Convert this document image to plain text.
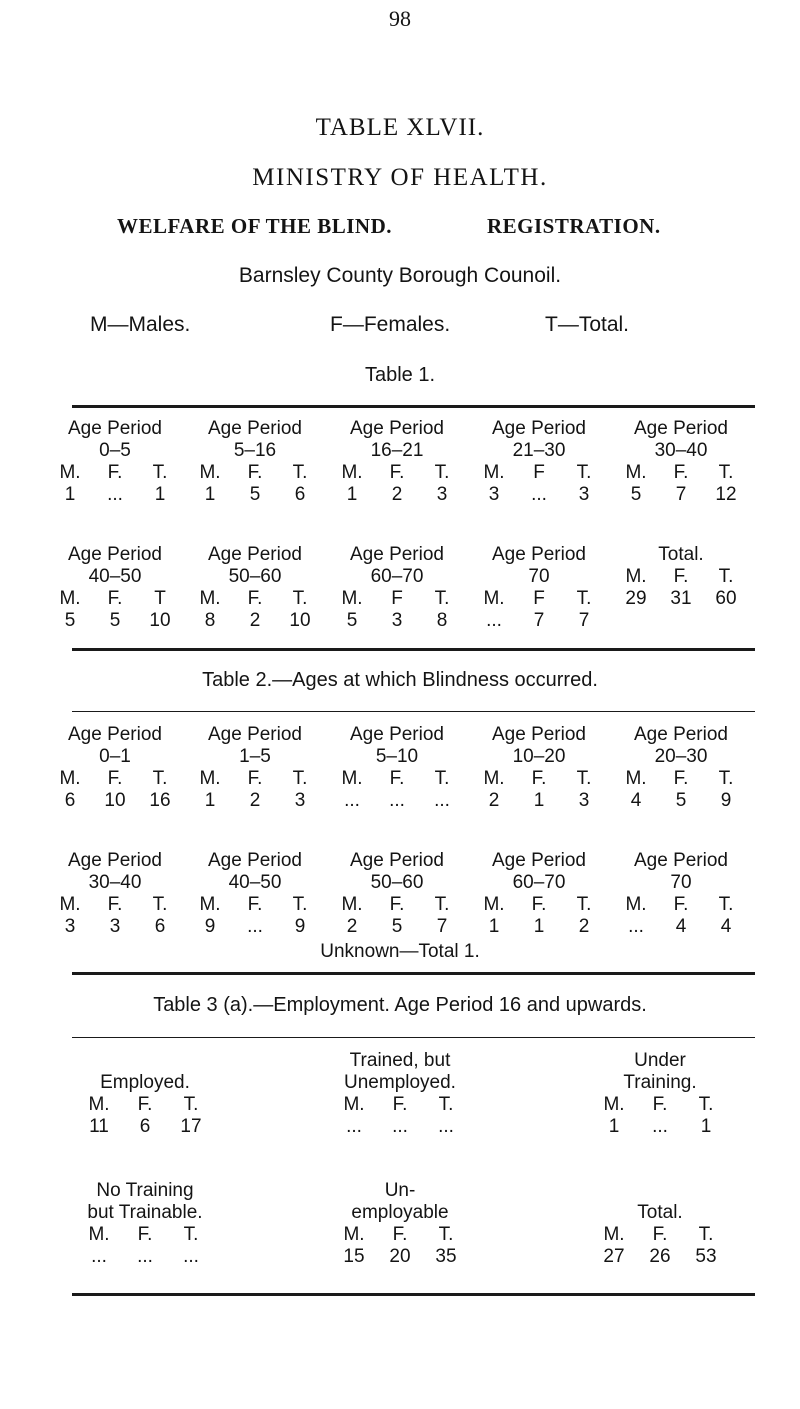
98
TABLE XLVII.
MINISTRY OF HEALTH.
WELFARE OF THE BLIND.	REGISTRATION.
Barnsley County Borough Counoil.
M—Males.	F—Females.	T—Total.
Table 1.
Age Period
0–5
M.	F.	T.
1	...	1
Age Period
5–16
M.	F.	T.
1	5	6
Age Period
16–21
M.	F.	T.
1	2	3
Age Period
21–30
M.	F	T.
3	...	3
Age Period
30–40
M.	F.	T.
5	7	12
Age Period
40–50
M.	F.	T
5	5	10
Age Period
50–60
M.	F.	T.
8	2	10
Age Period
60–70
M.	F	T.
5	3	8
Age Period
70
M.	F	T.
...	7	7
Total.
M.	F.	T.
29 31 60
Table 2.—Ages at which Blindness occurred.
Age Period
0–1
M.	F.	T.
6	10 16
Age Period
1–5
M.	F.	T.
1	2	3
Age Period
5–10
M.	F.	T.
...	...	...
Age Period
10–20
M.	F.	T.
2	1	3
Age Period
20–30
M.	F.	T.
4	5	9
Age Period
30–40
M.	F.	T.
3	3	6
Age Period
40–50
M.	F.	T.
9	...	9
Age Period
50–60
M.	F.	T.
2	5	7
Age Period
60–70
M.	F.	T.
1	1	2
Age Period
70
M.	F.	T.
...	4	4
Unknown—Total 1.
Table 3 (a).—Employment. Age Period 16 and upwards.

Employed.
M.	F.	T.
11	6	17
Trained, but
Unemployed.
M.	F.	T.
...	...	...
Under
Training.
M.	F.	T.
1	...	1
No Training
but Trainable.
M.	F.	T.
...	...	...
Un-
employable
M.	F.	T.
15 20 35

Total.
M.	F.	T.
27 26 53
